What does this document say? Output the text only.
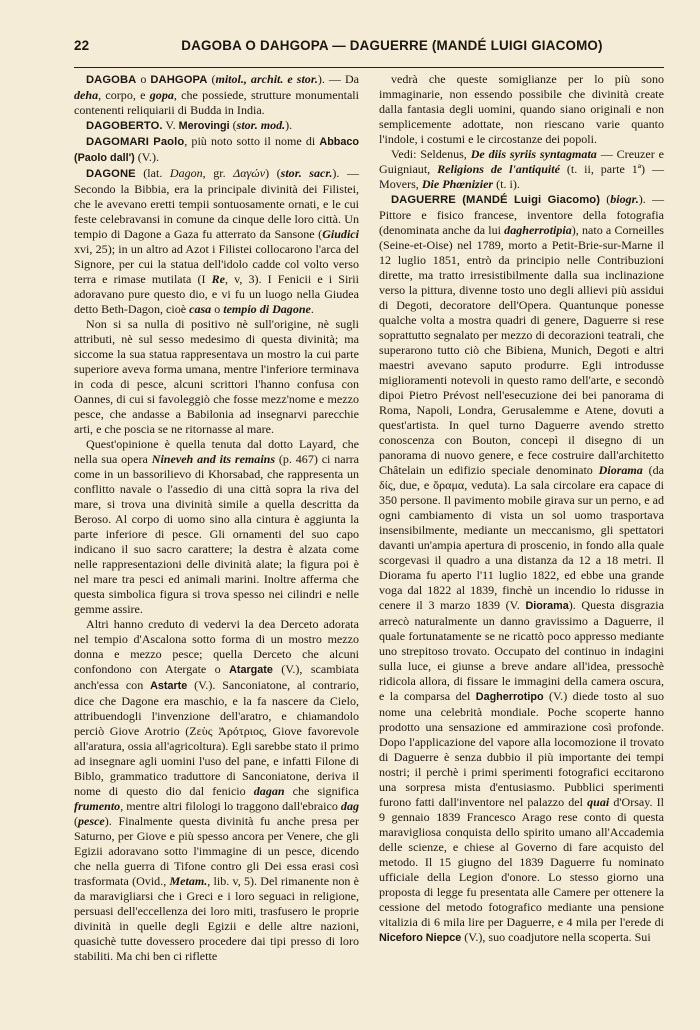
22	DAGOBA O DAHGOPA — DAGUERRE (MANDÉ LUIGI GIACOMO)

DAGOBA o DAHGOPA (mitol., archit. e stor.). — Da deha, corpo, e gopa, che possiede, strutture monumentali contenenti reliquiarii di Budda in India.

DAGOBERTO. V. Merovingi (stor. mod.).

DAGOMARI Paolo, più noto sotto il nome di Abbaco (Paolo dall') (V.).

DAGONE (lat. Dagon, gr. Δαγών) (stor. sacr.). — Secondo la Bibbia, era la principale divinità dei Filistei, che le avevano eretti tempii sontuosamente ornati, e le cui feste celebravansi in comune da cinque delle loro città. Un tempio di Dagone a Gaza fu atterrato da Sansone (Giudici xvi, 25); in un altro ad Azot i Filistei collocarono l'arca del Signore, per cui la statua dell'idolo cadde col volto verso terra e rimase mutilata (I Re, v, 3). I Fenicii e i Sirii adoravano pure questo dio, e vi fu un luogo nella Giudea detto Beth-Dagon, cioè casa o tempio di Dagone.

Non si sa nulla di positivo nè sull'origine, nè sugli attributi, nè sul sesso medesimo di questa divinità; ma siccome la sua statua rappresentava un mostro la cui parte superiore aveva forma umana, mentre l'inferiore terminava in coda di pesce, alcuni scrittori l'hanno confusa con Oannes, di cui si favoleggiò che fosse mezz'nome e mezzo pesce, che andasse a Babilonia ad insegnarvi parecchie arti, e che poscia se ne ritornasse al mare.

Quest'opinione è quella tenuta dal dotto Layard, che nella sua opera Nineveh and its remains (p. 467) ci narra come in un bassorilievo di Khorsabad, che rappresenta un conflitto navale o l'assedio di una città sopra la riva del mare, si trova una divinità simile a quella descritta da Beroso. Al corpo di uomo sino alla cintura è aggiunta la parte inferiore di pesce. Gli ornamenti del suo capo indicano il suo sacro carattere; la destra è alzata come nelle rappresentazioni delle divinità alate; la figura poi è nel mare tra pesci ed animali marini. Inoltre afferma che questa simbolica figura si trova spesso nei cilindri e nelle gemme assire.

Altri hanno creduto di vedervi la dea Derceto adorata nel tempio d'Ascalona sotto forma di un mostro mezzo donna e mezzo pesce; quella Derceto che alcuni confondono con Atergate o Atargate (V.), scambiata anch'essa con Astarte (V.). Sanconiatone, al contrario, dice che Dagone era maschio, e la fa nascere da Cielo, attribuendogli l'invenzione dell'aratro, e chiamandolo perciò Giove Arotrio (Ζεὺς Ἀρότριος, Giove favorevole all'aratura, ossia all'agricoltura). Egli sarebbe stato il primo ad insegnare agli uomini l'uso del pane, e infatti Filone di Biblo, grammatico traduttore di Sanconiatone, deriva il nome di questo dio dal fenicio dagan che significa frumento, mentre altri filologi lo traggono dall'ebraico dag (pesce). Finalmente questa divinità fu anche presa per Saturno, per Giove e più spesso ancora per Venere, che gli Egizii adoravano sotto l'immagine di un pesce, dicendo che nella guerra di Tifone contro gli Dei essa erasi così trasformata (Ovid., Metam., lib. v, 5). Del rimanente non è da maravigliarsi che i Greci e i loro seguaci in religione, persuasi dell'eccellenza dei loro miti, trasfusero le proprie divinità in quelle degli Egizii e delle altre nazioni, quasichè tutte dovessero procedere dai tipi presso di loro stabiliti. Ma chi ben ci riflette

vedrà che queste somiglianze per lo più sono immaginarie, non essendo possibile che divinità create dalla fantasia degli uomini, quando siano originali e non semplicemente adottate, non riescano varie quanto l'indole, i costumi e le circostanze dei popoli.

Vedi: Seldenus, De diis syriis syntagmata — Creuzer e Guigniaut, Religions de l'antiquité (t. ii, parte 1ª) — Movers, Die Phœnizier (t. i).

DAGUERRE (MANDÉ Luigi Giacomo) (biogr.). — Pittore e fisico francese, inventore della fotografia (denominata anche da lui dagherrotipia), nato a Corneilles (Seine-et-Oise) nel 1789, morto a Petit-Brie-sur-Marne il 12 luglio 1851, entrò da principio nelle Contribuzioni dirette, ma tratto irresistibilmente dalla sua inclinazione verso la pittura, divenne tosto uno degli allievi più assidui di Degoti, decoratore dell'Opera. Quantunque ponesse qualche volta a mostra quadri di genere, Daguerre si rese soprattutto segnalato per mezzo di decorazioni teatrali, che superarono tutto ciò che Bibiena, Munich, Degoti e altri maestri avevano saputo produrre. Egli introdusse miglioramenti notevoli in questo ramo dell'arte, e secondò dipoi Pietro Prévost nell'esecuzione dei bei panorama di Roma, Napoli, Londra, Gerusalemme e Atene, dovuti a quest'artista. In quel turno Daguerre avendo stretto conoscenza con Bouton, concepì il disegno di un panorama di nuovo genere, e fece costruire dall'architetto Châtelain un edifizio speciale denominato Diorama (da δίς, due, e ὅραμα, veduta). La sala circolare era capace di 350 persone. Il pavimento mobile girava sur un perno, e ad ogni cambiamento di vista un sol uomo trasportava insensibilmente, mediante un meccanismo, gli spettatori davanti un'ampia apertura di proscenio, in fondo alla quale scorgevasi il quadro a una distanza da 12 a 18 metri. Il Diorama fu aperto l'11 luglio 1822, ed ebbe una grande voga dal 1822 al 1839, finchè un incendio lo ridusse in cenere il 3 marzo 1839 (V. Diorama). Questa disgrazia arrecò naturalmente un danno gravissimo a Daguerre, il quale fortunatamente se ne ricattò poco appresso mediante uno strepitoso trovato. Occupato del continuo in indagini sulla luce, ei giunse a breve andare all'idea, pressochè ridicola allora, di fissare le immagini della camera oscura, e la comparsa del Dagherrotipo (V.) diede tosto al suo nome una celebrità mondiale. Poche scoperte hanno prodotto una sensazione ed ammirazione così profonde. Dopo l'applicazione del vapore alla locomozione il trovato di Daguerre è senza dubbio il più importante dei tempi nostri; il perchè i primi sperimenti fotografici eccitarono una sorpresa mista d'entusiasmo. Pubblici sperimenti furono fatti dall'inventore nel palazzo del quai d'Orsay. Il 9 gennaio 1839 Francesco Arago rese conto di questa maravigliosa conquista dello spirito umano all'Accademia delle scienze, e chiese al Governo di fare acquisto del metodo. Il 15 giugno del 1839 Daguerre fu nominato ufficiale della Legion d'onore. Lo stesso giorno una proposta di legge fu presentata alle Camere per ottenere la cessione del metodo fotografico mediante una pensione vitalizia di 6 mila lire per Daguerre, e 4 mila per l'erede di Niceforo Niepce (V.), suo coadjutore nella scoperta. Sui
